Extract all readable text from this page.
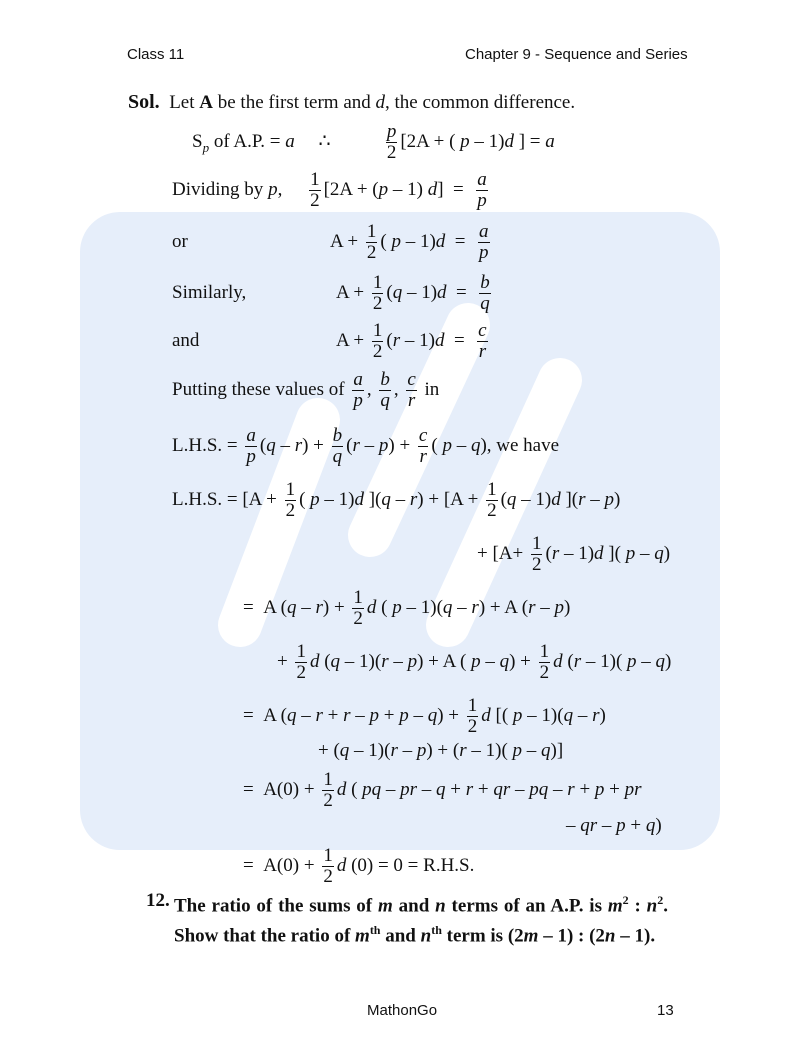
Class 11	Chapter 9 - Sequence and Series
Sol.  Let A be the first term and d, the common difference.
$S_p$ of A.P. = a     ∴ $\frac{p}{2} [2A$ + ( p – 1)d ] = a
Dividing by p, $\frac{1}{2} [2A + (p - 1) d] = \frac{a}{p}$
or	$A + \frac{1}{2}$ ( $p - 1)d = \frac{a}{p}$
Similarly,	$A + \frac{1}{2} (q - 1)d = \frac{b}{q}$
and	$A + \frac{1}{2} (r - 1)d = \frac{c}{r}$
Putting these values of $\frac{a}{p}$ , $\frac{b}{q}$ , $\frac{c}{r}$ in
L.H.S. = $\frac{a}{p} (q - r) + \frac{b}{q} (r - p) + \frac{c}{r}$ ( p – q), we have
L.H.S. = [$A + \frac{1}{2}$ ( p – 1)d ]$(q - r) + [A + \frac{1}{2} (q - 1)d$ ](r – p)
+ [$A+ \frac{1}{2} (r - 1)d$ ]( p – q)
=  A $(q - r) + \frac{1}{2}$ d ( p – 1)(q – r) + A (r – p)
+ $\frac{1}{2}$ d (q – 1)(r – p) + A ( $p - q) + \frac{1}{2}$ d (r – 1)( p – q)
=  A $(q - r + r - p + p - q) + \frac{1}{2}$ d [( p – 1)(q – r)
+ (q – 1)(r – p) + (r – 1)( p – q)]
=  $A(0) + \frac{1}{2}$ d ( pq – pr – q + r + qr – pq – r + p + pr
– qr – p + q)
=  $A(0) + \frac{1}{2}$ d (0) = 0 = R.H.S.
12. The ratio of the sums of m and n terms of an A.P. is $m^2$ : $n^2$. Show that the ratio of $m^{th}$ and $n^{th}$ term is (2m – 1) : (2n – 1).
MathonGo	13
